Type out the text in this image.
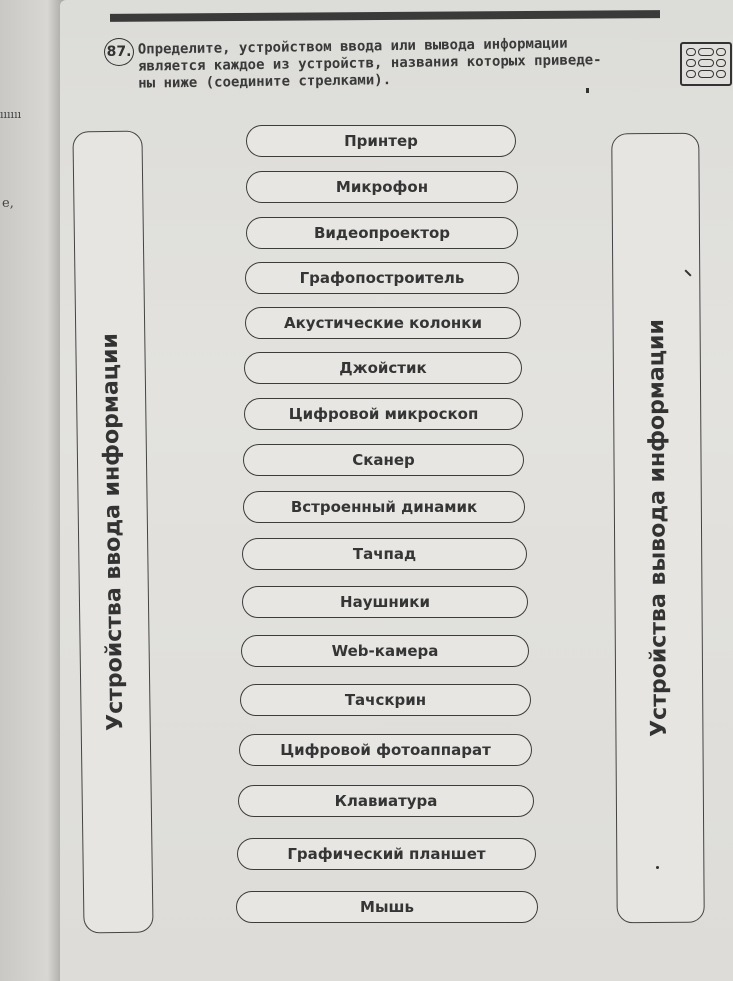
ıııııı
е,
87. Определите, устройством ввода или вывода информации
является каждое из устройств, названия которых приведе-
ны ниже (соедините стрелками).
Устройства ввода информации	Устройства вывода информации
Принтер
Микрофон
Видеопроектор
Графопостроитель
Акустические колонки
Джойстик
Цифровой микроскоп
Сканер
Встроенный динамик
Тачпад
Наушники
Web-камера
Тачскрин
Цифровой фотоаппарат
Клавиатура
Графический планшет
Мышь
